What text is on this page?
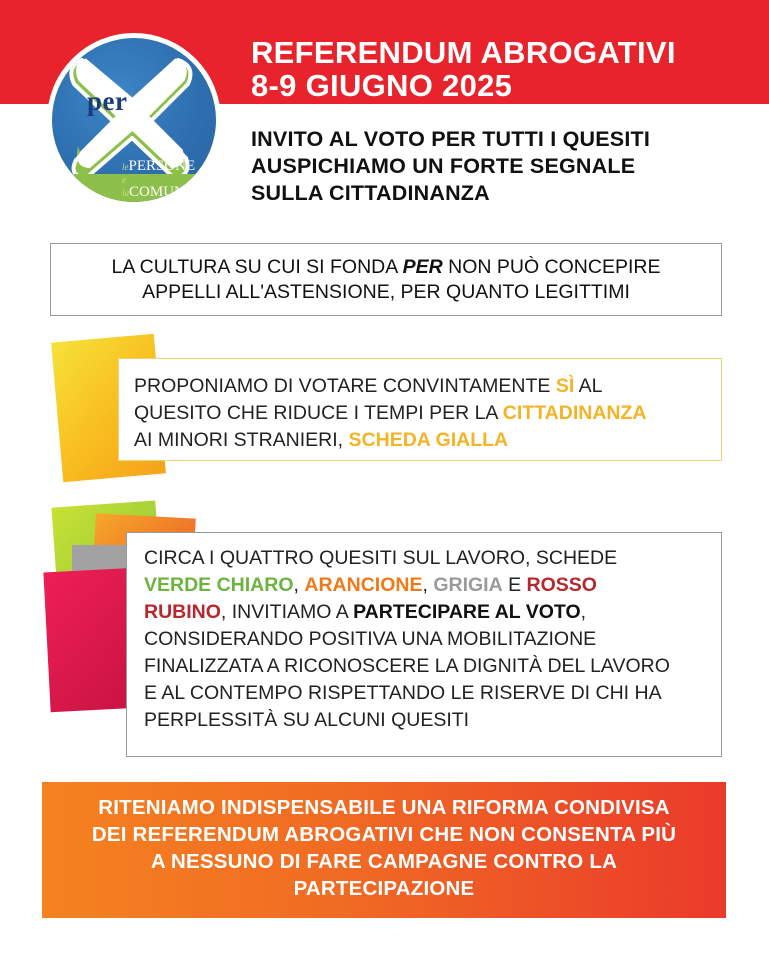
REFERENDUM ABROGATIVI
8-9 GIUGNO 2025
per
lePERSONE
e laCOMUNITÀ
INVITO AL VOTO PER TUTTI I QUESITI
AUSPICHIAMO UN FORTE SEGNALE
SULLA CITTADINANZA
LA CULTURA SU CUI SI FONDA PER NON PUÒ CONCEPIRE
APPELLI ALL'ASTENSIONE, PER QUANTO LEGITTIMI
PROPONIAMO DI VOTARE CONVINTAMENTE SÌ AL
QUESITO CHE RIDUCE I TEMPI PER LA CITTADINANZA
AI MINORI STRANIERI, SCHEDA GIALLA
CIRCA I QUATTRO QUESITI SUL LAVORO, SCHEDE
VERDE CHIARO, ARANCIONE, GRIGIA E ROSSO
RUBINO, INVITIAMO A PARTECIPARE AL VOTO,
CONSIDERANDO POSITIVA UNA MOBILITAZIONE
FINALIZZATA A RICONOSCERE LA DIGNITÀ DEL LAVORO
E AL CONTEMPO RISPETTANDO LE RISERVE DI CHI HA
PERPLESSITÀ SU ALCUNI QUESITI
RITENIAMO INDISPENSABILE UNA RIFORMA CONDIVISA
DEI REFERENDUM ABROGATIVI CHE NON CONSENTA PIÙ
A NESSUNO DI FARE CAMPAGNE CONTRO LA
PARTECIPAZIONE
